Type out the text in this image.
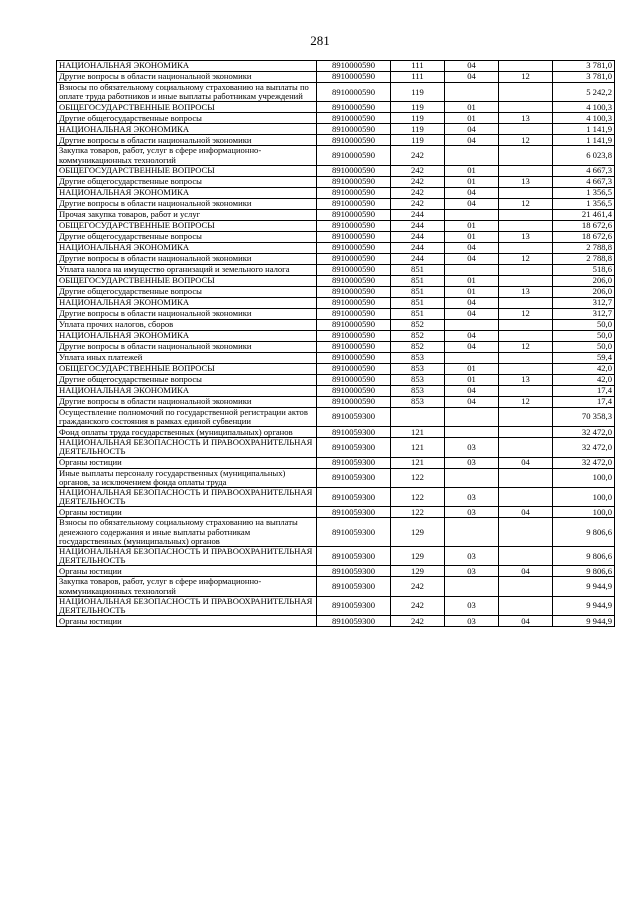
281
НАЦИОНАЛЬНАЯ ЭКОНОМИКА	8910000590	111	04		3 781,0
Другие вопросы в области национальной экономики	8910000590	111	04	12	3 781,0
Взносы по обязательному социальному страхованию на выплаты по оплате труда работников и иные выплаты работникам учреждений	8910000590	119			5 242,2
ОБЩЕГОСУДАРСТВЕННЫЕ ВОПРОСЫ	8910000590	119	01		4 100,3
Другие общегосударственные вопросы	8910000590	119	01	13	4 100,3
НАЦИОНАЛЬНАЯ ЭКОНОМИКА	8910000590	119	04		1 141,9
Другие вопросы в области национальной экономики	8910000590	119	04	12	1 141,9
Закупка товаров, работ, услуг в сфере информационно-коммуникационных технологий	8910000590	242			6 023,8
ОБЩЕГОСУДАРСТВЕННЫЕ ВОПРОСЫ	8910000590	242	01		4 667,3
Другие общегосударственные вопросы	8910000590	242	01	13	4 667,3
НАЦИОНАЛЬНАЯ ЭКОНОМИКА	8910000590	242	04		1 356,5
Другие вопросы в области национальной экономики	8910000590	242	04	12	1 356,5
Прочая закупка товаров, работ и услуг	8910000590	244			21 461,4
ОБЩЕГОСУДАРСТВЕННЫЕ ВОПРОСЫ	8910000590	244	01		18 672,6
Другие общегосударственные вопросы	8910000590	244	01	13	18 672,6
НАЦИОНАЛЬНАЯ ЭКОНОМИКА	8910000590	244	04		2 788,8
Другие вопросы в области национальной экономики	8910000590	244	04	12	2 788,8
Уплата налога на имущество организаций и земельного налога	8910000590	851			518,6
ОБЩЕГОСУДАРСТВЕННЫЕ ВОПРОСЫ	8910000590	851	01		206,0
Другие общегосударственные вопросы	8910000590	851	01	13	206,0
НАЦИОНАЛЬНАЯ ЭКОНОМИКА	8910000590	851	04		312,7
Другие вопросы в области национальной экономики	8910000590	851	04	12	312,7
Уплата прочих налогов, сборов	8910000590	852			50,0
НАЦИОНАЛЬНАЯ ЭКОНОМИКА	8910000590	852	04		50,0
Другие вопросы в области национальной экономики	8910000590	852	04	12	50,0
Уплата иных платежей	8910000590	853			59,4
ОБЩЕГОСУДАРСТВЕННЫЕ ВОПРОСЫ	8910000590	853	01		42,0
Другие общегосударственные вопросы	8910000590	853	01	13	42,0
НАЦИОНАЛЬНАЯ ЭКОНОМИКА	8910000590	853	04		17,4
Другие вопросы в области национальной экономики	8910000590	853	04	12	17,4
Осуществление полномочий по государственной регистрации актов гражданского состояния в рамках единой субвенции	8910059300				70 358,3
Фонд оплаты труда государственных (муниципальных) органов	8910059300	121			32 472,0
НАЦИОНАЛЬНАЯ БЕЗОПАСНОСТЬ И ПРАВООХРАНИТЕЛЬНАЯ ДЕЯТЕЛЬНОСТЬ	8910059300	121	03		32 472,0
Органы юстиции	8910059300	121	03	04	32 472,0
Иные выплаты персоналу государственных (муниципальных) органов, за исключением фонда оплаты труда	8910059300	122			100,0
НАЦИОНАЛЬНАЯ БЕЗОПАСНОСТЬ И ПРАВООХРАНИТЕЛЬНАЯ ДЕЯТЕЛЬНОСТЬ	8910059300	122	03		100,0
Органы юстиции	8910059300	122	03	04	100,0
Взносы по обязательному социальному страхованию на выплаты денежного содержания и иные выплаты работникам государственных (муниципальных) органов	8910059300	129			9 806,6
НАЦИОНАЛЬНАЯ БЕЗОПАСНОСТЬ И ПРАВООХРАНИТЕЛЬНАЯ ДЕЯТЕЛЬНОСТЬ	8910059300	129	03		9 806,6
Органы юстиции	8910059300	129	03	04	9 806,6
Закупка товаров, работ, услуг в сфере информационно-коммуникационных технологий	8910059300	242			9 944,9
НАЦИОНАЛЬНАЯ БЕЗОПАСНОСТЬ И ПРАВООХРАНИТЕЛЬНАЯ ДЕЯТЕЛЬНОСТЬ	8910059300	242	03		9 944,9
Органы юстиции	8910059300	242	03	04	9 944,9
